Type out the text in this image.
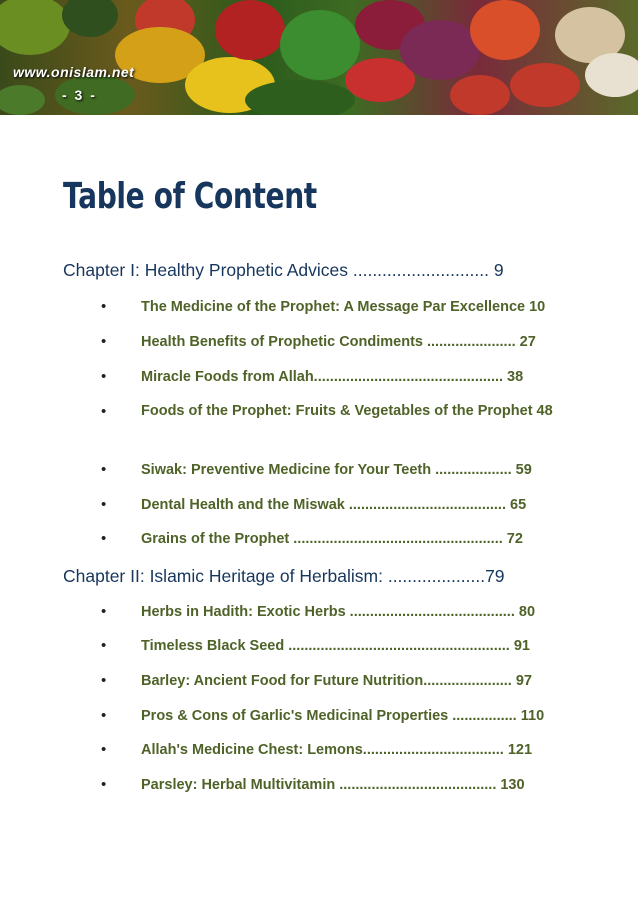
www.onislam.net
- 3 -
Table of Content
Chapter I: Healthy Prophetic Advices ............................ 9
• The Medicine of the Prophet: A Message Par Excellence 10
• Health Benefits of Prophetic Condiments ...................... 27
• Miracle Foods from Allah............................................... 38
• Foods of the Prophet: Fruits & Vegetables of the Prophet 48
• Siwak: Preventive Medicine for Your Teeth ................... 59
• Dental Health and the Miswak ....................................... 65
• Grains of the Prophet .................................................... 72
Chapter II: Islamic Heritage of Herbalism: ....................79
• Herbs in Hadith: Exotic Herbs ......................................... 80
• Timeless Black Seed ....................................................... 91
• Barley: Ancient Food for Future Nutrition...................... 97
• Pros & Cons of Garlic's Medicinal Properties ................ 110
• Allah's Medicine Chest: Lemons................................... 121
• Parsley: Herbal Multivitamin ....................................... 130
